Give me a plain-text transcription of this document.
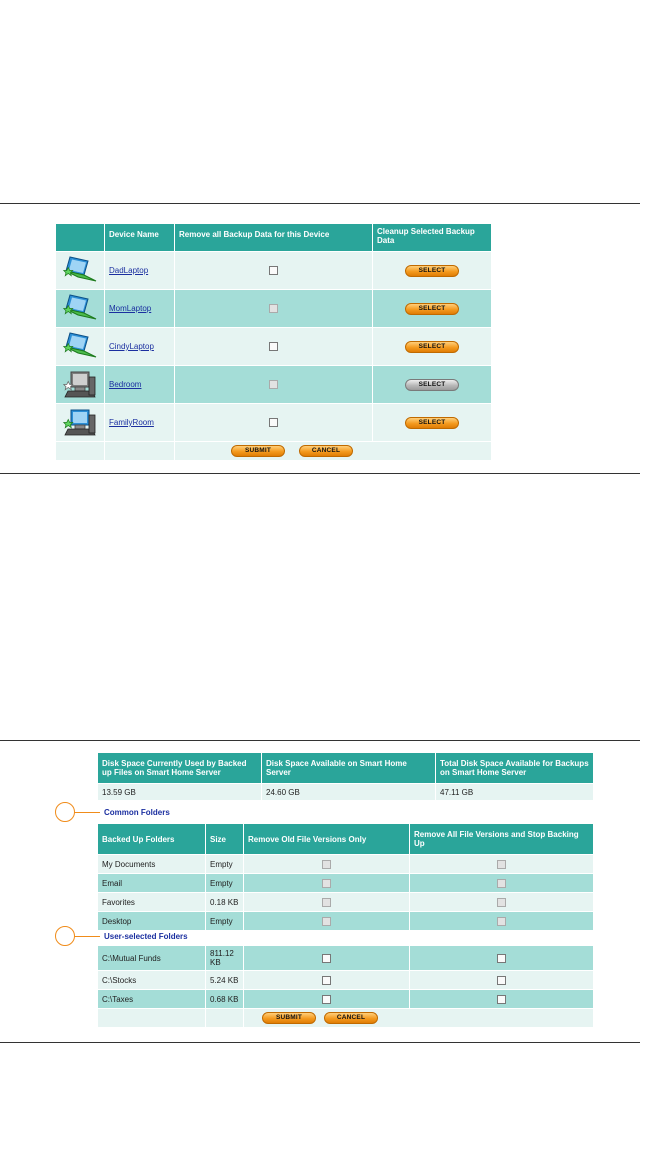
	Device Name	Remove all Backup Data for this Device	Cleanup Selected Backup Data

	DadLaptop		SELECT

	MomLaptop		SELECT

	CindyLaptop		SELECT

	Bedroom		SELECT

	FamilyRoom		SELECT
		SUBMIT CANCEL	
Disk Space Currently Used by Backed up Files on Smart Home Server	Disk Space Available on Smart Home Server	Total Disk Space Available for Backups on Smart Home Server
13.59 GB	24.60 GB	47.11 GB
Common Folders
Backed Up Folders	Size	Remove Old File Versions Only	Remove All File Versions and Stop Backing Up
My Documents	Empty		
Email	Empty		
Favorites	0.18 KB		
Desktop	Empty		
User-selected Folders
C:\Mutual Funds	811.12 KB		
C:\Stocks	5.24 KB		
C:\Taxes	0.68 KB		
		SUBMIT CANCEL	
